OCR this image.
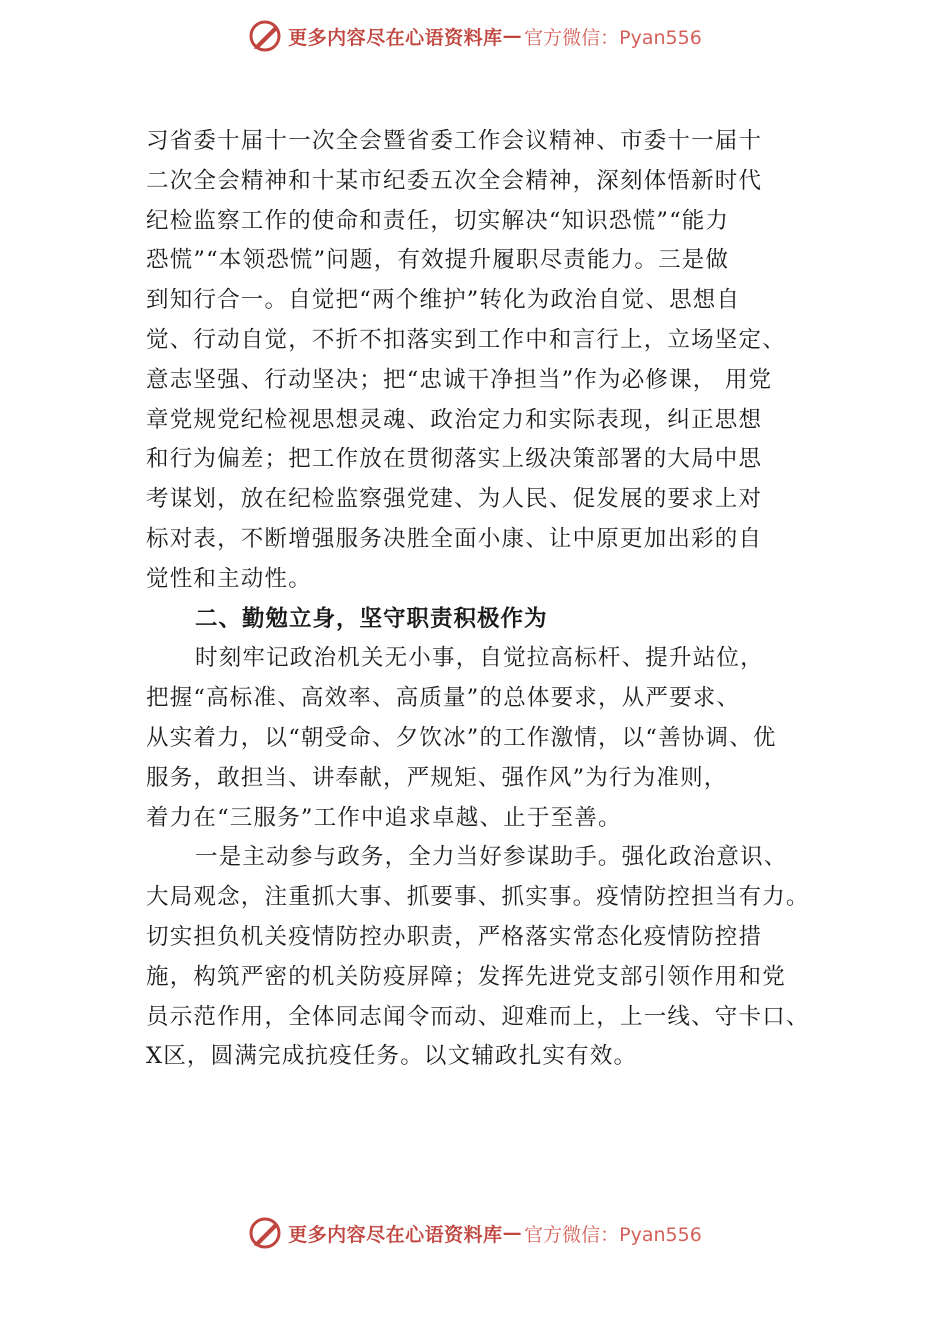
更多内容尽在心语资料库 — 官方微信：Pyan556

习省委十届十一次全会暨省委工作会议精神、市委十一届十
二次全会精神和十某市纪委五次全会精神，深刻体悟新时代
纪检监察工作的使命和责任，切实解决“知识恐慌”“能力
恐慌”“本领恐慌”问题，有效提升履职尽责能力。三是做
到知行合一。自觉把“两个维护”转化为政治自觉、思想自
觉、行动自觉，不折不扣落实到工作中和言行上，立场坚定、
意志坚强、行动坚决；把“忠诚干净担当”作为必修课， 用党
章党规党纪检视思想灵魂、政治定力和实际表现，纠正思想
和行为偏差；把工作放在贯彻落实上级决策部署的大局中思
考谋划，放在纪检监察强党建、为人民、促发展的要求上对
标对表，不断增强服务决胜全面小康、让中原更加出彩的自
觉性和主动性。

二、勤勉立身，坚守职责积极作为

时刻牢记政治机关无小事，自觉拉高标杆、提升站位，
把握“高标准、高效率、高质量”的总体要求，从严要求、
从实着力，以“朝受命、夕饮冰”的工作激情，以“善协调、优
服务，敢担当、讲奉献，严规矩、强作风”为行为准则，
着力在“三服务”工作中追求卓越、止于至善。

一是主动参与政务，全力当好参谋助手。强化政治意识、
大局观念，注重抓大事、抓要事、抓实事。疫情防控担当有力。
切实担负机关疫情防控办职责，严格落实常态化疫情防控措
施，构筑严密的机关防疫屏障；发挥先进党支部引领作用和党
员示范作用，全体同志闻令而动、迎难而上，上一线、守卡口、
X区，圆满完成抗疫任务。以文辅政扎实有效。

更多内容尽在心语资料库 — 官方微信：Pyan556
